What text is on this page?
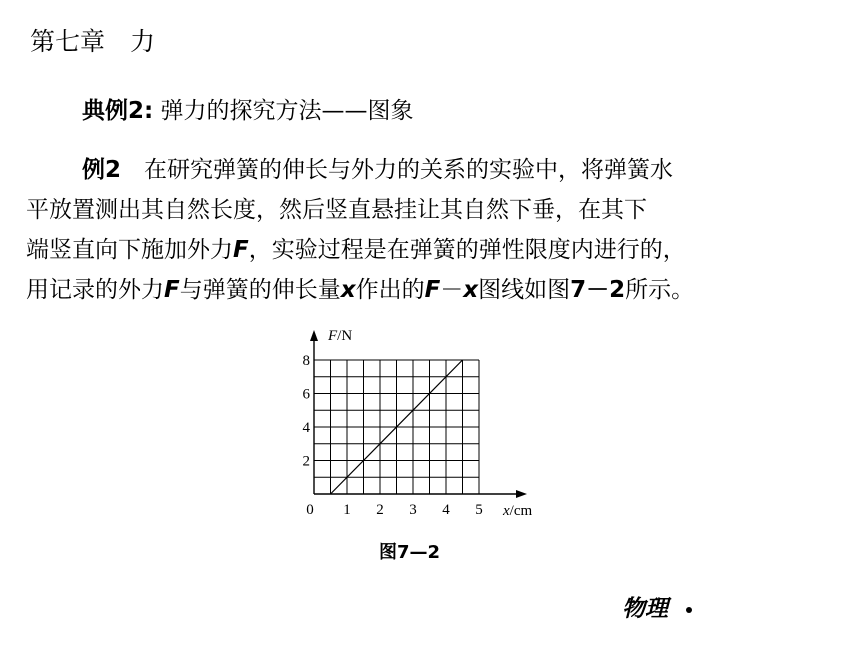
第七章　力
典例2: 弹力的探究方法——图象
例2　 在研究弹簧的伸长与外力的关系的实验中，将弹簧水
平放置测出其自然长度，然后竖直悬挂让其自然下垂，在其下
端竖直向下施加外力F，实验过程是在弹簧的弹性限度内进行的，
用记录的外力F与弹簧的伸长量x作出的F－x图线如图7－2所示。
0 1 2 3 4 5
2
4
6
8
F/N
x/cm
图7—2
物理
